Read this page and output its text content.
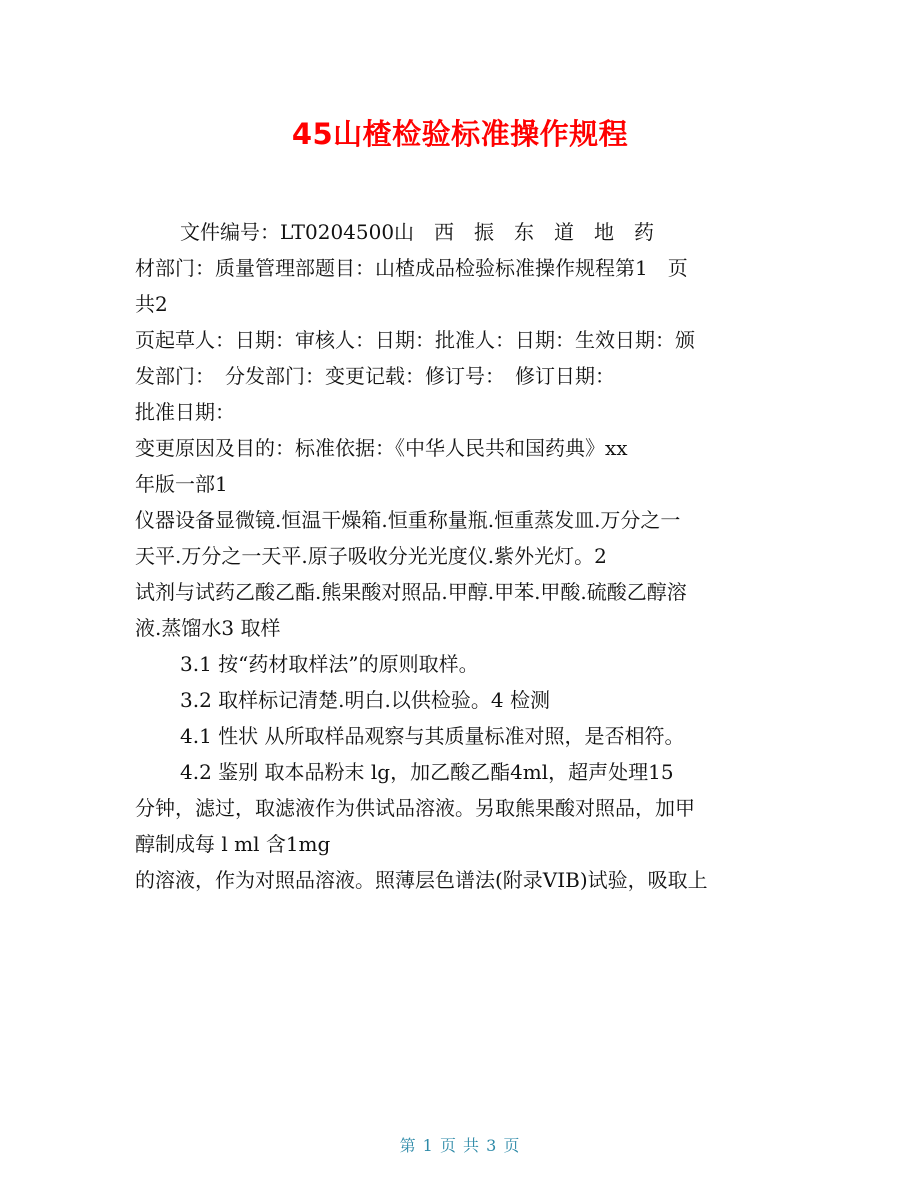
45山楂检验标准操作规程
文件编号：LT0204500山　西　振　东　道　地　药
材部门：质量管理部题目：山楂成品检验标准操作规程第1　页
共2
页起草人：日期：审核人：日期：批准人：日期：生效日期：颁
发部门：　分发部门：变更记载：修订号：　修订日期：
批准日期：
变更原因及目的：标准依据：《中华人民共和国药典》xx
年版一部1
仪器设备显微镜.恒温干燥箱.恒重称量瓶.恒重蒸发皿.万分之一
天平.万分之一天平.原子吸收分光光度仪.紫外光灯。2
试剂与试药乙酸乙酯.熊果酸对照品.甲醇.甲苯.甲酸.硫酸乙醇溶
液.蒸馏水3 取样
3.1 按“药材取样法”的原则取样。
3.2 取样标记清楚.明白.以供检验。4 检测
4.1 性状 从所取样品观察与其质量标准对照，是否相符。
4.2 鉴别 取本品粉末 lg，加乙酸乙酯4ml，超声处理15
分钟，滤过，取滤液作为供试品溶液。另取熊果酸对照品，加甲
醇制成每 l ml 含1mg
的溶液，作为对照品溶液。照薄层色谱法(附录VIB)试验，吸取上
第 1 页 共 3 页
